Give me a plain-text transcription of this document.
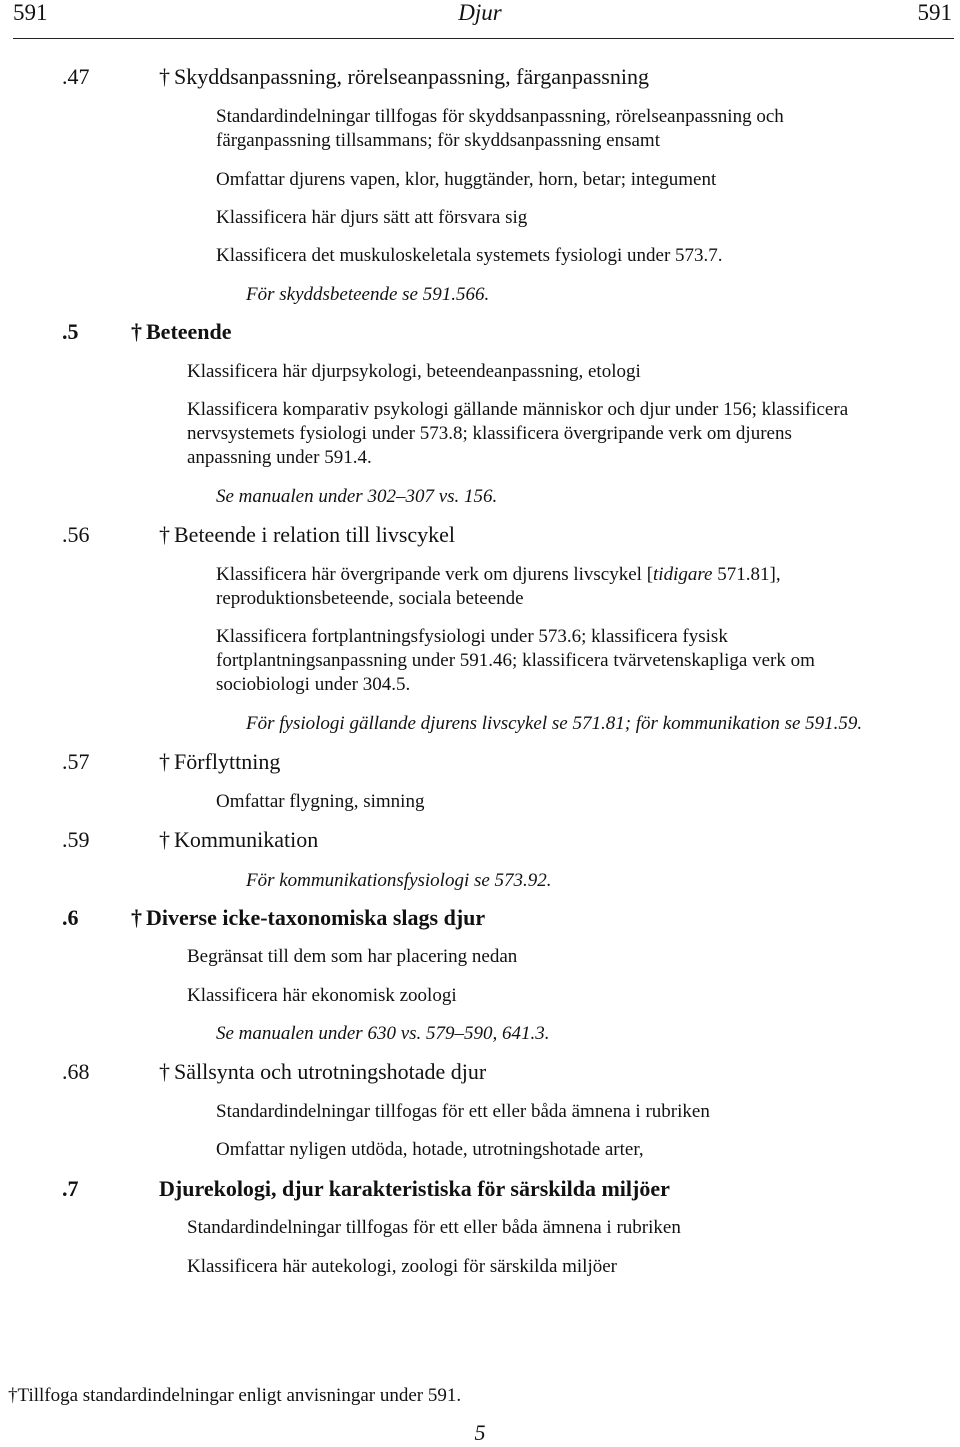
591	Djur	591
.47	† Skyddsanpassning, rörelseanpassning, färganpassning
Standardindelningar tillfogas för skyddsanpassning, rörelseanpassning och
färganpassning tillsammans; för skyddsanpassning ensamt
Omfattar djurens vapen, klor, huggtänder, horn, betar; integument
Klassificera här djurs sätt att försvara sig
Klassificera det muskuloskeletala systemets fysiologi under 573.7.
För skyddsbeteende se 591.566.
.5 † Beteende
Klassificera här djurpsykologi, beteendeanpassning, etologi
Klassificera komparativ psykologi gällande människor och djur under 156; klassificera
nervsystemets fysiologi under 573.8; klassificera övergripande verk om djurens
anpassning under 591.4.
Se manualen under 302–307 vs. 156.
.56	† Beteende i relation till livscykel
Klassificera här övergripande verk om djurens livscykel [tidigare 571.81],
reproduktionsbeteende, sociala beteende
Klassificera fortplantningsfysiologi under 573.6; klassificera fysisk
fortplantningsanpassning under 591.46; klassificera tvärvetenskapliga verk om
sociobiologi under 304.5.
För fysiologi gällande djurens livscykel se 571.81; för kommunikation se 591.59.
.57	† Förflyttning
Omfattar flygning, simning
.59	† Kommunikation
För kommunikationsfysiologi se 573.92.
.6 † Diverse icke-taxonomiska slags djur
Begränsat till dem som har placering nedan
Klassificera här ekonomisk zoologi
Se manualen under 630 vs. 579–590, 641.3.
.68	† Sällsynta och utrotningshotade djur
Standardindelningar tillfogas för ett eller båda ämnena i rubriken
Omfattar nyligen utdöda, hotade, utrotningshotade arter,
.7	Djurekologi, djur karakteristiska för särskilda miljöer
Standardindelningar tillfogas för ett eller båda ämnena i rubriken
Klassificera här autekologi, zoologi för särskilda miljöer
†Tillfoga standardindelningar enligt anvisningar under 591.
5
